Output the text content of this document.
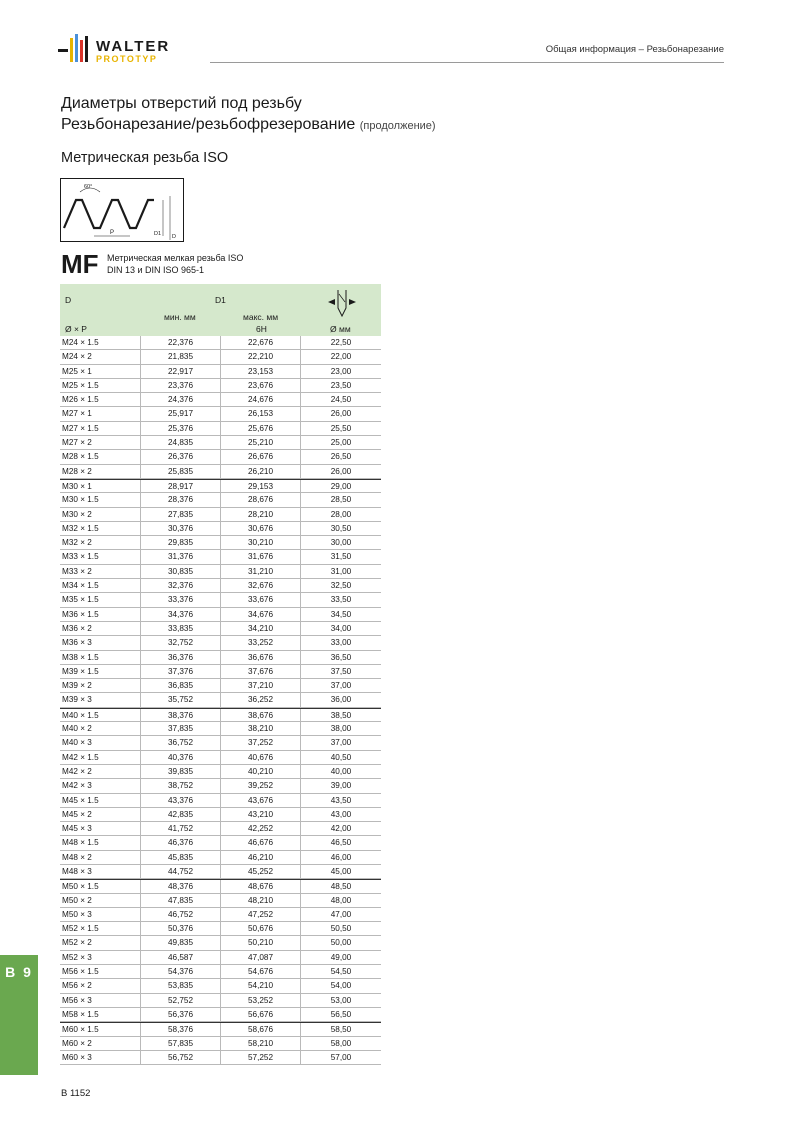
WALTER
PROTOTYP
Общая информация – Резьбонарезание
Диаметры отверстий под резьбу
Резьбонарезание/резьбофрезерование (продолжение)
Метрическая резьба ISO
60°
P	D1 D
MF Метрическая мелкая резьба ISO
DIN 13 и DIN ISO 965-1
D	D1
мин. мм	макс. мм
6H
Ø × P	Ø мм
M24 × 1.5	22,376	22,676	22,50
M24 × 2	21,835	22,210	22,00
M25 × 1	22,917	23,153	23,00
M25 × 1.5	23,376	23,676	23,50
M26 × 1.5	24,376	24,676	24,50
M27 × 1	25,917	26,153	26,00
M27 × 1.5	25,376	25,676	25,50
M27 × 2	24,835	25,210	25,00
M28 × 1.5	26,376	26,676	26,50
M28 × 2	25,835	26,210	26,00
M30 × 1	28,917	29,153	29,00
M30 × 1.5	28,376	28,676	28,50
M30 × 2	27,835	28,210	28,00
M32 × 1.5	30,376	30,676	30,50
M32 × 2	29,835	30,210	30,00
M33 × 1.5	31,376	31,676	31,50
M33 × 2	30,835	31,210	31,00
M34 × 1.5	32,376	32,676	32,50
M35 × 1.5	33,376	33,676	33,50
M36 × 1.5	34,376	34,676	34,50
M36 × 2	33,835	34,210	34,00
M36 × 3	32,752	33,252	33,00
M38 × 1.5	36,376	36,676	36,50
M39 × 1.5	37,376	37,676	37,50
M39 × 2	36,835	37,210	37,00
M39 × 3	35,752	36,252	36,00
M40 × 1.5	38,376	38,676	38,50
M40 × 2	37,835	38,210	38,00
M40 × 3	36,752	37,252	37,00
M42 × 1.5	40,376	40,676	40,50
M42 × 2	39,835	40,210	40,00
M42 × 3	38,752	39,252	39,00
M45 × 1.5	43,376	43,676	43,50
M45 × 2	42,835	43,210	43,00
M45 × 3	41,752	42,252	42,00
M48 × 1.5	46,376	46,676	46,50
M48 × 2	45,835	46,210	46,00
M48 × 3	44,752	45,252	45,00
M50 × 1.5	48,376	48,676	48,50
M50 × 2	47,835	48,210	48,00
M50 × 3	46,752	47,252	47,00
M52 × 1.5	50,376	50,676	50,50
M52 × 2	49,835	50,210	50,00
M52 × 3	46,587	47,087	49,00
M56 × 1.5	54,376	54,676	54,50
M56 × 2	53,835	54,210	54,00
M56 × 3	52,752	53,252	53,00
M58 × 1.5	56,376	56,676	56,50
M60 × 1.5	58,376	58,676	58,50
M60 × 2	57,835	58,210	58,00
M60 × 3	56,752	57,252	57,00
B 9
B 1152
